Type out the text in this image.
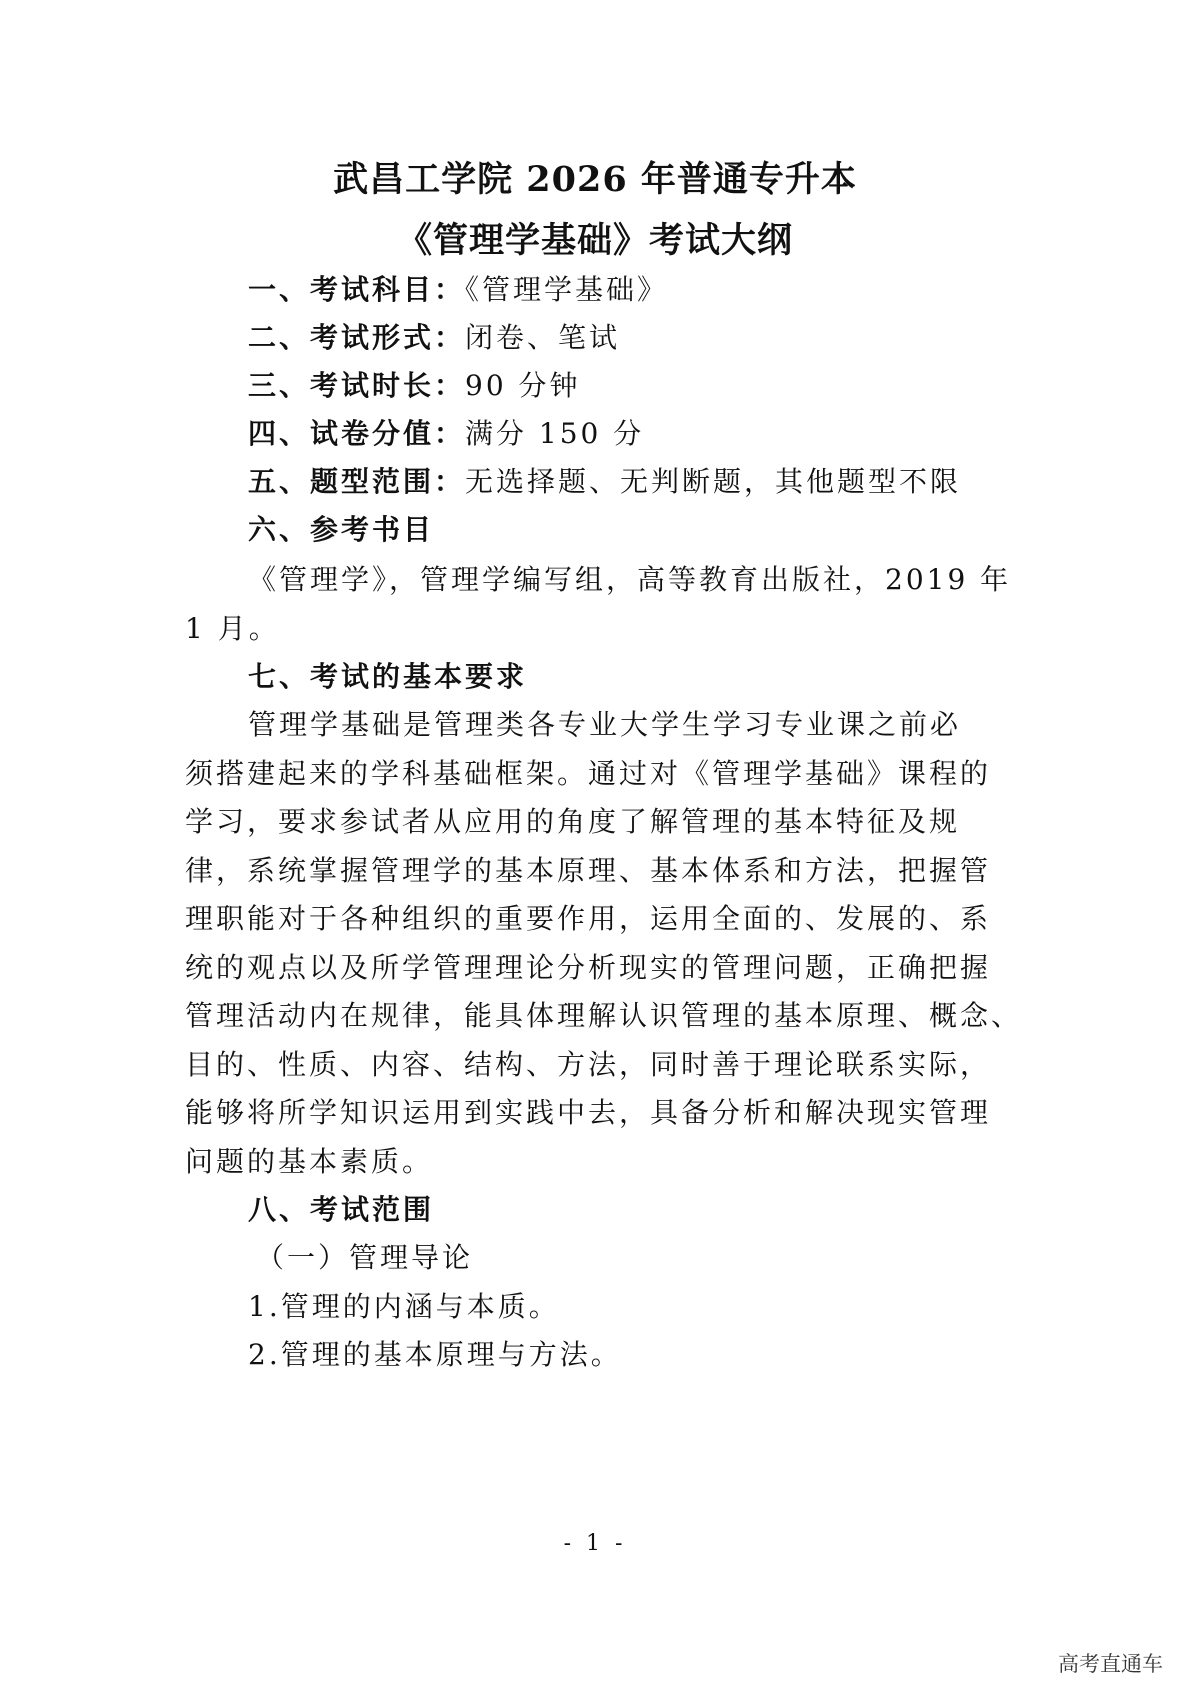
武昌工学院 2026 年普通专升本
《管理学基础》考试大纲
一、考试科目：《管理学基础》
二、考试形式：闭卷、笔试
三、考试时长：90 分钟
四、试卷分值：满分 150 分
五、题型范围：无选择题、无判断题，其他题型不限
六、参考书目
《管理学》，管理学编写组，高等教育出版社，2019 年
1 月。
七、考试的基本要求
管理学基础是管理类各专业大学生学习专业课之前必
须搭建起来的学科基础框架。通过对《管理学基础》课程的
学习，要求参试者从应用的角度了解管理的基本特征及规
律，系统掌握管理学的基本原理、基本体系和方法，把握管
理职能对于各种组织的重要作用，运用全面的、发展的、系
统的观点以及所学管理理论分析现实的管理问题，正确把握
管理活动内在规律，能具体理解认识管理的基本原理、概念、
目的、性质、内容、结构、方法，同时善于理论联系实际，
能够将所学知识运用到实践中去，具备分析和解决现实管理
问题的基本素质。
八、考试范围
（一）管理导论
1.管理的内涵与本质。
2.管理的基本原理与方法。
- 1 -
高考直通车
